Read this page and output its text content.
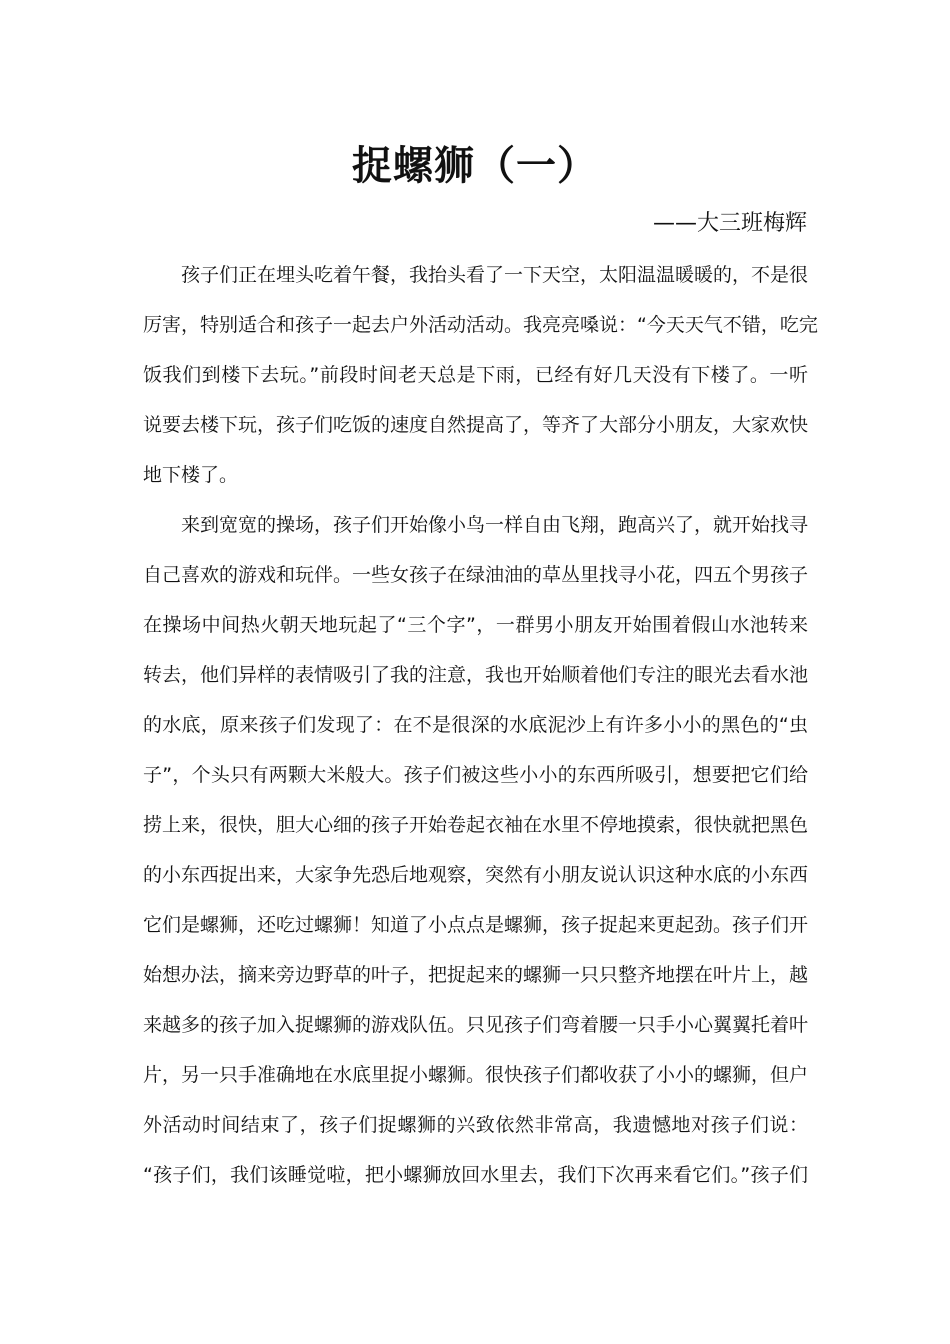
捉螺狮（一）

——大三班梅辉

孩子们正在埋头吃着午餐，我抬头看了一下天空，太阳温温暖暖的，不是很
厉害，特别适合和孩子一起去户外活动活动。我亮亮嗓说：“今天天气不错，吃完
饭我们到楼下去玩。”前段时间老天总是下雨，已经有好几天没有下楼了。一听
说要去楼下玩，孩子们吃饭的速度自然提高了，等齐了大部分小朋友，大家欢快
地下楼了。

来到宽宽的操场，孩子们开始像小鸟一样自由飞翔，跑高兴了，就开始找寻
自己喜欢的游戏和玩伴。一些女孩子在绿油油的草丛里找寻小花，四五个男孩子
在操场中间热火朝天地玩起了“三个字”，一群男小朋友开始围着假山水池转来
转去，他们异样的表情吸引了我的注意，我也开始顺着他们专注的眼光去看水池
的水底，原来孩子们发现了：在不是很深的水底泥沙上有许多小小的黑色的“虫
子”，个头只有两颗大米般大。孩子们被这些小小的东西所吸引，想要把它们给
捞上来，很快，胆大心细的孩子开始卷起衣袖在水里不停地摸索，很快就把黑色
的小东西捉出来，大家争先恐后地观察，突然有小朋友说认识这种水底的小东西
它们是螺狮，还吃过螺狮！知道了小点点是螺狮，孩子捉起来更起劲。孩子们开
始想办法，摘来旁边野草的叶子，把捉起来的螺狮一只只整齐地摆在叶片上，越
来越多的孩子加入捉螺狮的游戏队伍。只见孩子们弯着腰一只手小心翼翼托着叶
片，另一只手准确地在水底里捉小螺狮。很快孩子们都收获了小小的螺狮，但户
外活动时间结束了，孩子们捉螺狮的兴致依然非常高，我遗憾地对孩子们说：
“孩子们，我们该睡觉啦，把小螺狮放回水里去，我们下次再来看它们。”孩子们
